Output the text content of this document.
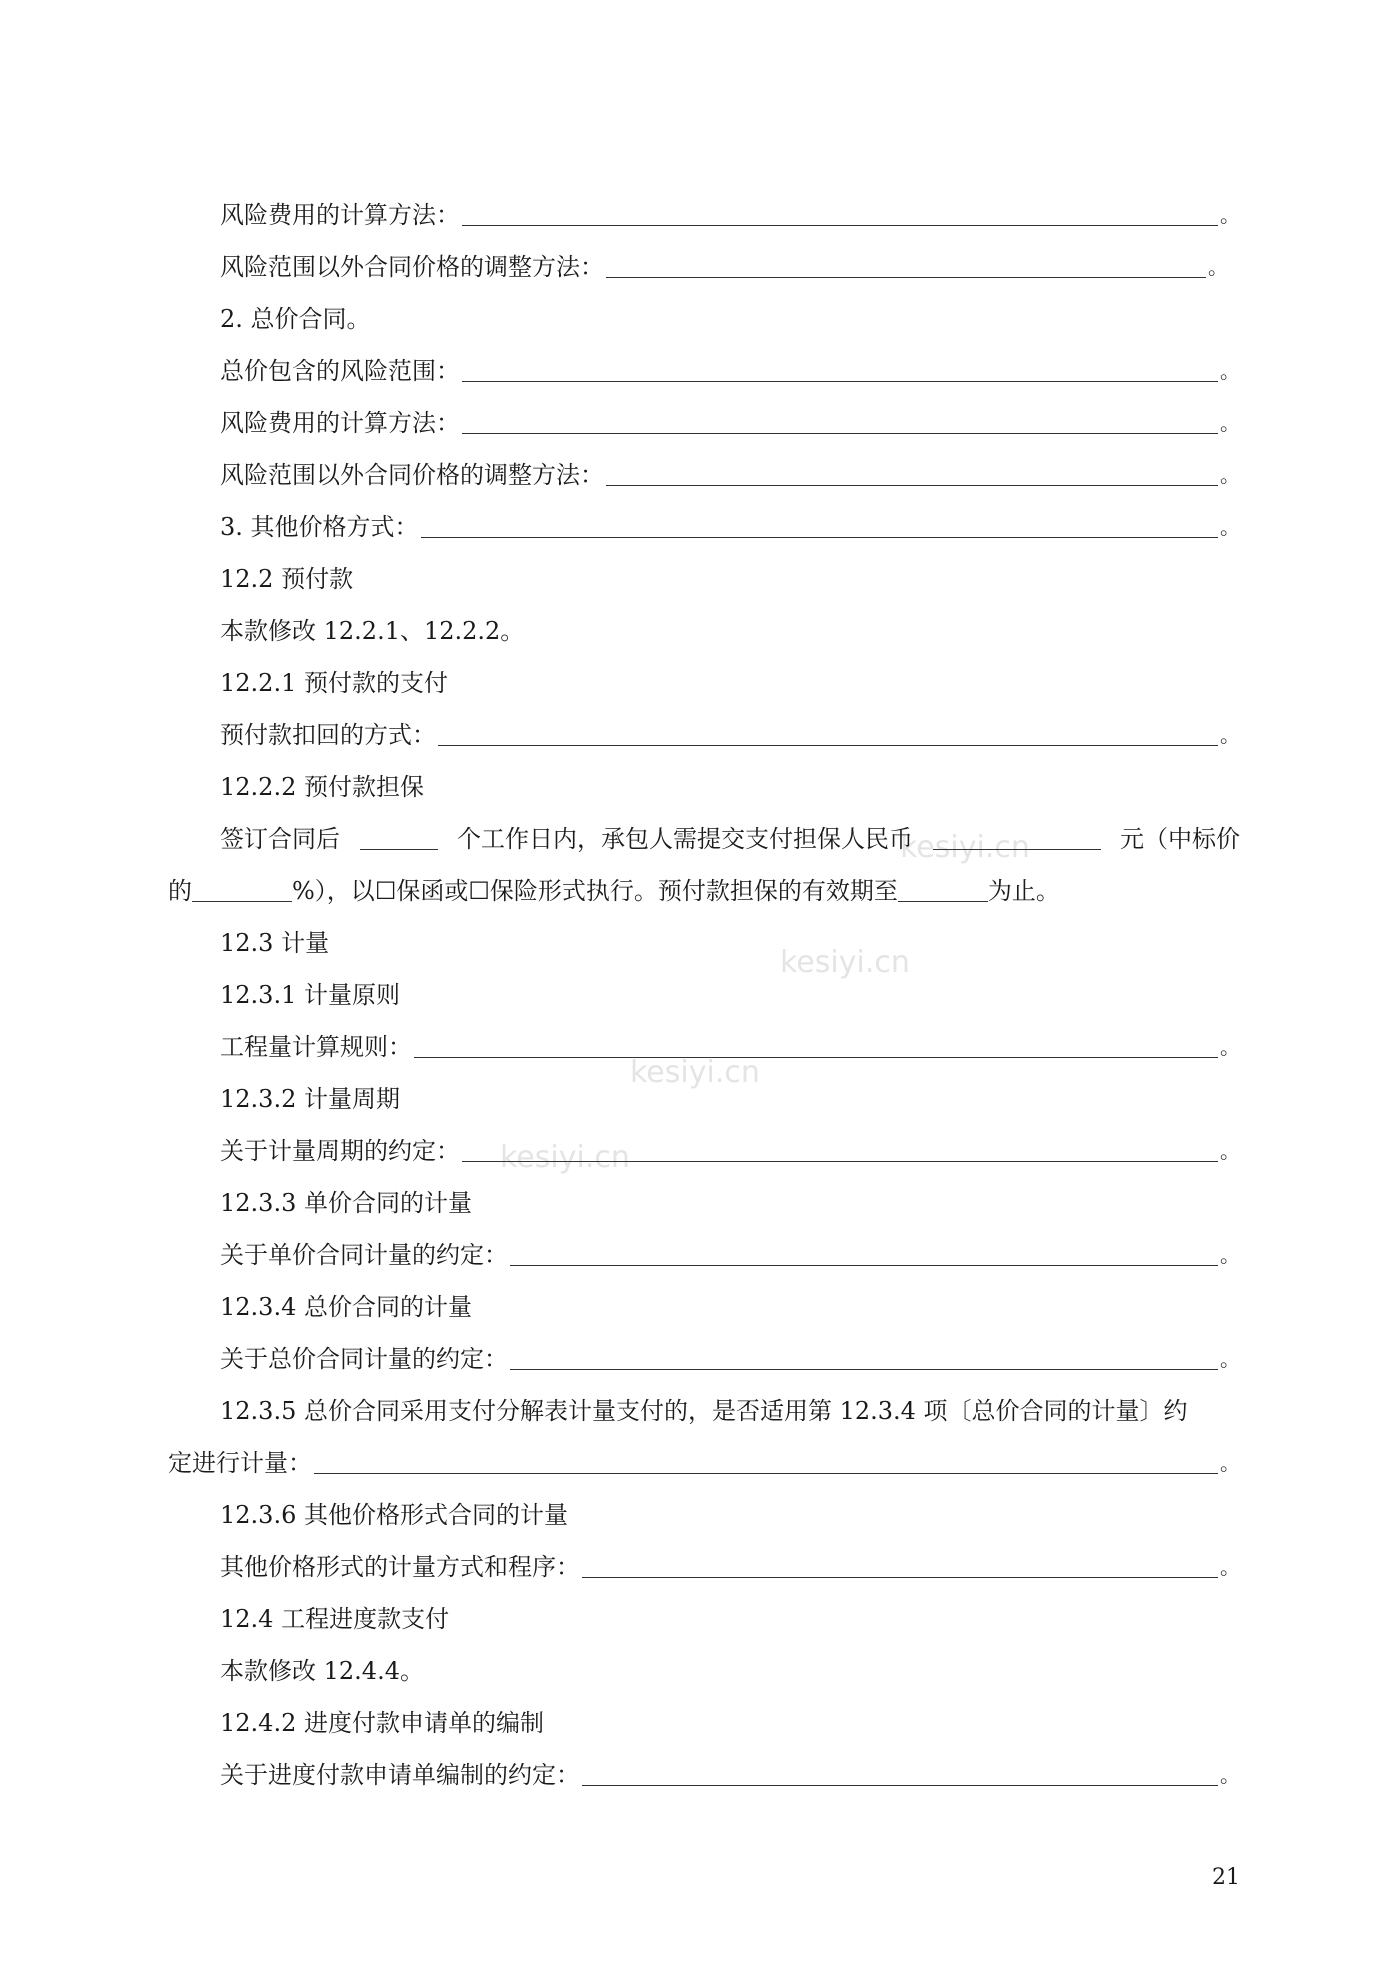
kesiyi.cn
kesiyi.cn
kesiyi.cn
kesiyi.cn
风险费用的计算方法：	。
风险范围以外合同价格的调整方法：	。
2. 总价合同。
总价包含的风险范围：	。
风险费用的计算方法：	。
风险范围以外合同价格的调整方法：	。
3. 其他价格方式：	。
12.2 预付款
本款修改 12.2.1、12.2.2。
12.2.1 预付款的支付
预付款扣回的方式：	。
12.2.2 预付款担保
签订合同后	个工作日内，承包人需提交支付担保人民币	元（中标价
的	%），以 ☐ 保函或 ☐ 保险形式执行。预付款担保的有效期至	为止。
12.3 计量
12.3.1 计量原则
工程量计算规则：	。
12.3.2 计量周期
关于计量周期的约定：	。
12.3.3 单价合同的计量
关于单价合同计量的约定：	。
12.3.4 总价合同的计量
关于总价合同计量的约定：	。
12.3.5 总价合同采用支付分解表计量支付的，是否适用第 12.3.4 项〔总价合同的计量〕约
定进行计量：	。
12.3.6 其他价格形式合同的计量
其他价格形式的计量方式和程序：	。
12.4 工程进度款支付
本款修改 12.4.4。
12.4.2 进度付款申请单的编制
关于进度付款申请单编制的约定：	。
21
